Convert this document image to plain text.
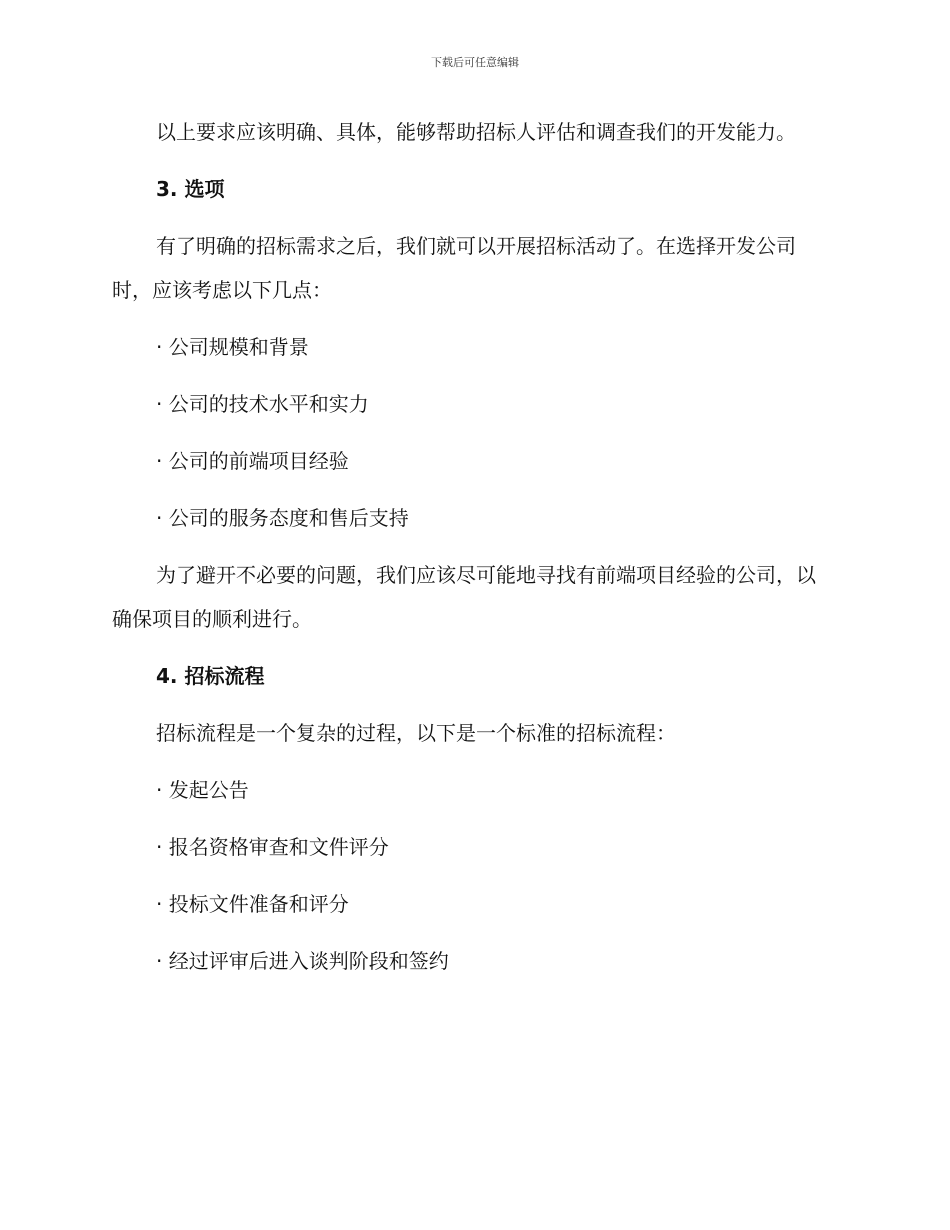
下载后可任意编辑

以上要求应该明确、具体，能够帮助招标人评估和调查我们的开发能力。

3. 选项

有了明确的招标需求之后，我们就可以开展招标活动了。在选择开发公司时，应该考虑以下几点：

· 公司规模和背景
· 公司的技术水平和实力
· 公司的前端项目经验
· 公司的服务态度和售后支持

为了避开不必要的问题，我们应该尽可能地寻找有前端项目经验的公司，以确保项目的顺利进行。

4. 招标流程

招标流程是一个复杂的过程，以下是一个标准的招标流程：

· 发起公告
· 报名资格审查和文件评分
· 投标文件准备和评分
· 经过评审后进入谈判阶段和签约
